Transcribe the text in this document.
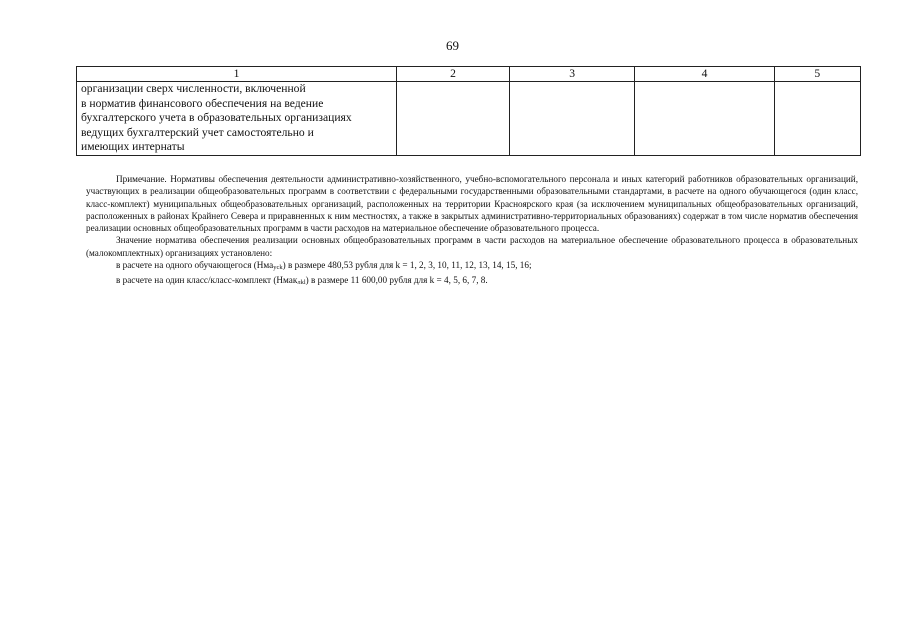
69
1	2	3	4	5

организации сверх численности, включенной
в норматив финансового обеспечения на ведение
бухгалтерского учета в образовательных организациях
ведущих бухгалтерский учет самостоятельно и
имеющих интернаты				

Примечание. Нормативы обеспечения деятельности административно-хозяйственного, учебно-вспомогательного персонала и иных категорий работников образовательных организаций, участвующих в реализации общеобразовательных программ в соответствии с федеральными государственными образовательными стандартами, в расчете на одного обучающегося (один класс, класс-комплект) муниципальных общеобразовательных организаций, расположенных на территории Красноярского края (за исключением муниципальных общеобразовательных организаций, расположенных в районах Крайнего Севера и приравненных к ним местностях, а также в закрытых административно-территориальных образованиях) содержат в том числе норматив обеспечения реализации основных общеобразовательных программ в части расходов на материальное обеспечение образовательного процесса.

Значение норматива обеспечения реализации основных общеобразовательных программ в части расходов на материальное обеспечение образовательного процесса в образовательных (малокомплектных) организациях установлено:

в расчете на одного обучающегося (Нма$_{усk}$) в размере 480,53 рубля для k = 1, 2, 3, 10, 11, 12, 13, 14, 15, 16;

в расчете на один класс/класс-комплект (Нмак$_{лkl}$) в размере 11 600,00 рубля для k = 4, 5, 6, 7, 8.
